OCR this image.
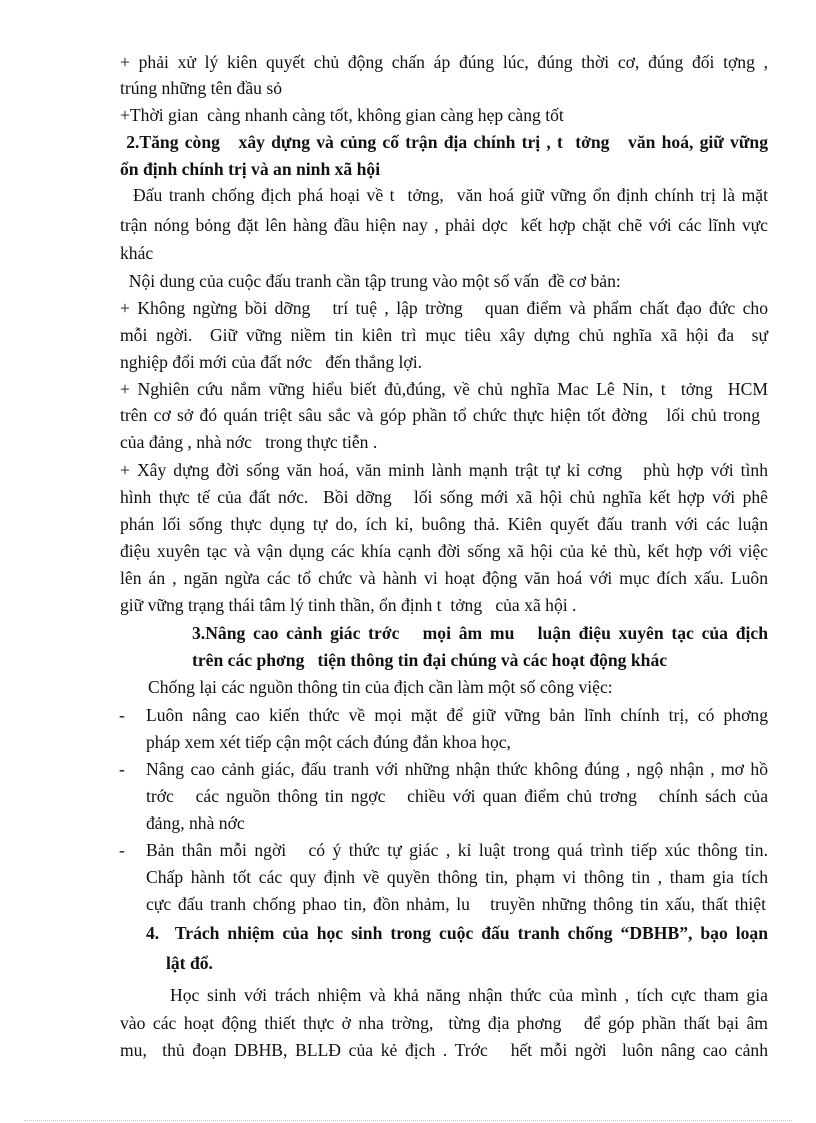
+ phải xử lý kiên quyết chủ động chấn áp đúng lúc, đúng thời cơ, đúng đối tợng ,
trúng những tên đầu sỏ
+Thời gian  càng nhanh càng tốt, không gian càng hẹp càng tốt
2.Tăng còng   xây dựng và củng cố trận địa chính trị , t  tởng   văn hoá, giữ vững
ổn định chính trị và an ninh xã hội
Đấu tranh chống địch phá hoại về t  tởng,  văn hoá giữ vững ổn định chính trị là mặt
trận nóng bỏng đặt lên hàng đầu hiện nay , phải dợc  kết hợp chặt chẽ với các lĩnh vực
khác
Nội dung của cuộc đấu tranh cần tập trung vào một số vấn  đề cơ bản:
+ Không ngừng bồi dỡng   trí tuệ , lập trờng   quan điểm và phẩm chất đạo đức cho
mỗi ngời.  Giữ vững niềm tin kiên trì mục tiêu xây dựng chủ nghĩa xã hội đa  sự
nghiệp đổi mới của đất nớc   đến thắng lợi.
+ Nghiên cứu nắm vững hiểu biết đủ,đúng, về chủ nghĩa Mac Lê Nin, t  tởng  HCM
trên cơ sở đó quán triệt sâu sắc và góp phần tổ chức thực hiện tốt đờng   lối chủ trong
của đảng , nhà nớc   trong thực tiễn .
+ Xây dựng đời sống văn hoá, văn minh lành mạnh trật tự kỉ cơng   phù hợp với tình
hình thực tế của đất nớc.  Bồi dỡng   lối sống mới xã hội chủ nghĩa kết hợp với phê
phán lối sống thực dụng tự do, ích kỉ, buông thả. Kiên quyết đấu tranh với các luận
điệu xuyên tạc và vận dụng các khía cạnh đời sống xã hội của kẻ thù, kết hợp với việc
lên án , ngăn ngừa các tổ chức và hành vi hoạt động văn hoá với mục đích xấu. Luôn
giữ vững trạng thái tâm lý tinh thần, ổn định t  tởng   của xã hội .
3.Nâng cao cảnh giác trớc   mọi âm mu   luận điệu xuyên tạc của địch
trên các phơng   tiện thông tin đại chúng và các hoạt động khác
Chống lại các nguồn thông tin của địch cần làm một số công việc:
-	Luôn nâng cao kiến thức về mọi mặt để giữ vững bản lĩnh chính trị, có phơng
pháp xem xét tiếp cận một cách đúng đắn khoa học,
-	Nâng cao cảnh giác, đấu tranh với những nhận thức không đúng , ngộ nhận , mơ hồ
trớc   các nguồn thông tin ngợc   chiều với quan điểm chủ trơng   chính sách của
đảng, nhà nớc
-	Bản thân mỗi ngời   có ý thức tự giác , kỉ luật trong quá trình tiếp xúc thông tin.
Chấp hành tốt các quy định về quyền thông tin, phạm vi thông tin , tham gia tích
cực đấu tranh chống phao tin, đồn nhảm, lu   truyền những thông tin xấu, thất thiệt
4.  Trách nhiệm của học sinh trong cuộc đấu tranh chống “DBHB”, bạo loạn
lật đổ.
Học sinh với trách nhiệm và khả năng nhận thức của mình , tích cực tham gia
vào các hoạt động thiết thực ở nha trờng,  từng địa phơng   để góp phần thất bại âm
mu,  thủ đoạn DBHB, BLLĐ của kẻ địch . Trớc   hết mỗi ngời  luôn nâng cao cảnh
